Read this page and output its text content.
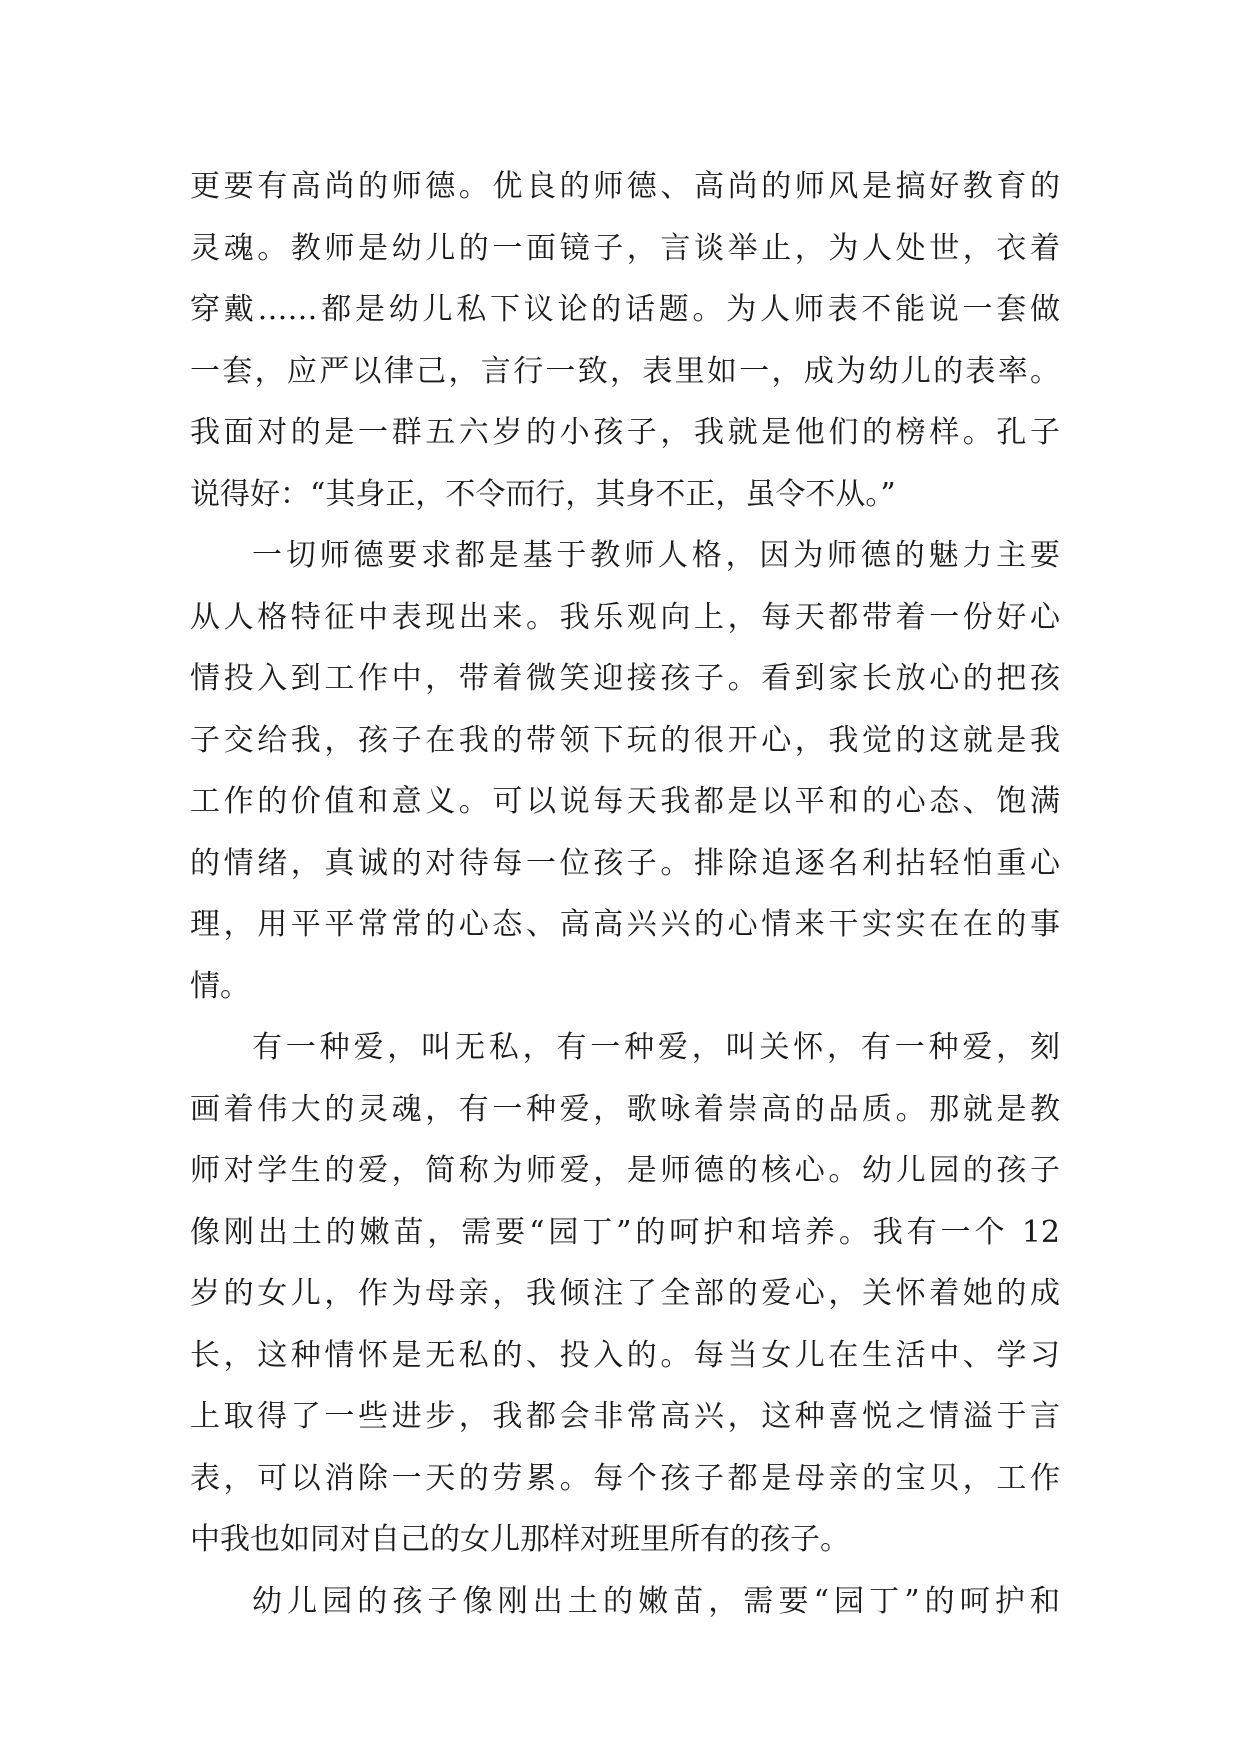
更要有高尚的师德。优良的师德、高尚的师风是搞好教育的
灵魂。教师是幼儿的一面镜子，言谈举止，为人处世，衣着
穿戴……都是幼儿私下议论的话题。为人师表不能说一套做
一套，应严以律己，言行一致，表里如一，成为幼儿的表率。
我面对的是一群五六岁的小孩子，我就是他们的榜样。孔子
说得好：“其身正，不令而行，其身不正，虽令不从。”
一切师德要求都是基于教师人格，因为师德的魅力主要
从人格特征中表现出来。我乐观向上，每天都带着一份好心
情投入到工作中，带着微笑迎接孩子。看到家长放心的把孩
子交给我，孩子在我的带领下玩的很开心，我觉的这就是我
工作的价值和意义。可以说每天我都是以平和的心态、饱满
的情绪，真诚的对待每一位孩子。排除追逐名利拈轻怕重心
理，用平平常常的心态、高高兴兴的心情来干实实在在的事
情。
有一种爱，叫无私，有一种爱，叫关怀，有一种爱，刻
画着伟大的灵魂，有一种爱，歌咏着崇高的品质。那就是教
师对学生的爱，简称为师爱，是师德的核心。幼儿园的孩子
像刚出土的嫩苗，需要“园丁”的呵护和培养。我有一个 12
岁的女儿，作为母亲，我倾注了全部的爱心，关怀着她的成
长，这种情怀是无私的、投入的。每当女儿在生活中、学习
上取得了一些进步，我都会非常高兴，这种喜悦之情溢于言
表，可以消除一天的劳累。每个孩子都是母亲的宝贝，工作
中我也如同对自己的女儿那样对班里所有的孩子。
幼儿园的孩子像刚出土的嫩苗，需要“园丁”的呵护和
